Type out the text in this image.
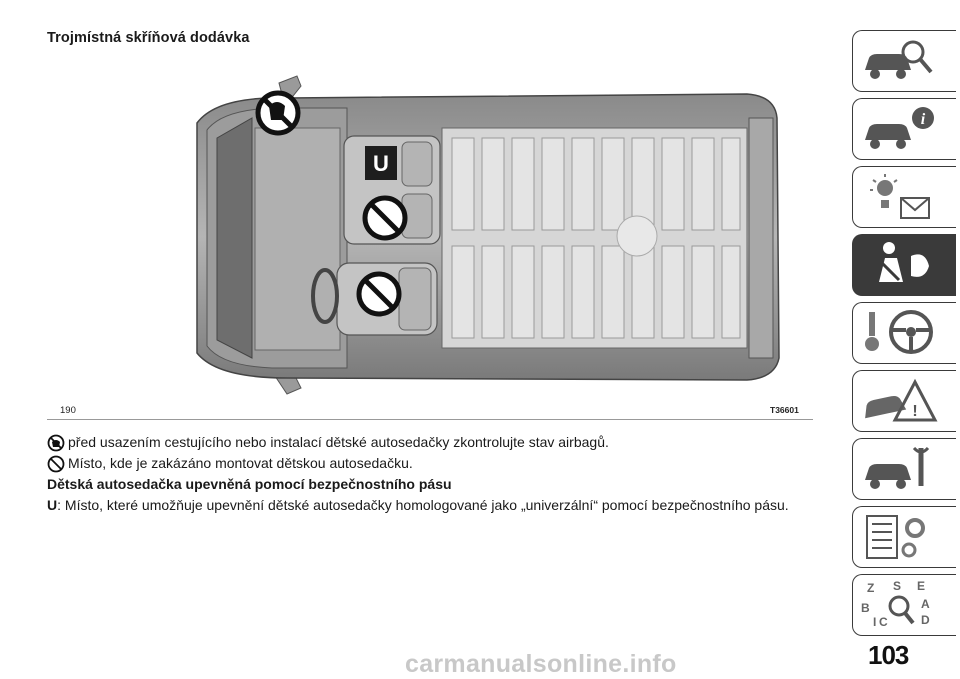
Trojmístná skříňová dodávka
U
190	T36601
před usazením cestujícího nebo instalací dětské autosedačky zkontrolujte stav airbagů.
Místo, kde je zakázáno montovat dětskou autosedačku.
Dětská autosedačka upevněná pomocí bezpečnostního pásu
U : Místo, které umožňuje upevnění dětské autosedačky homologované jako „univerzální“ pomocí bezpečnostního pásu.
i
!
Z S E
B	A
C	D
I
103
carmanualsonline.info
